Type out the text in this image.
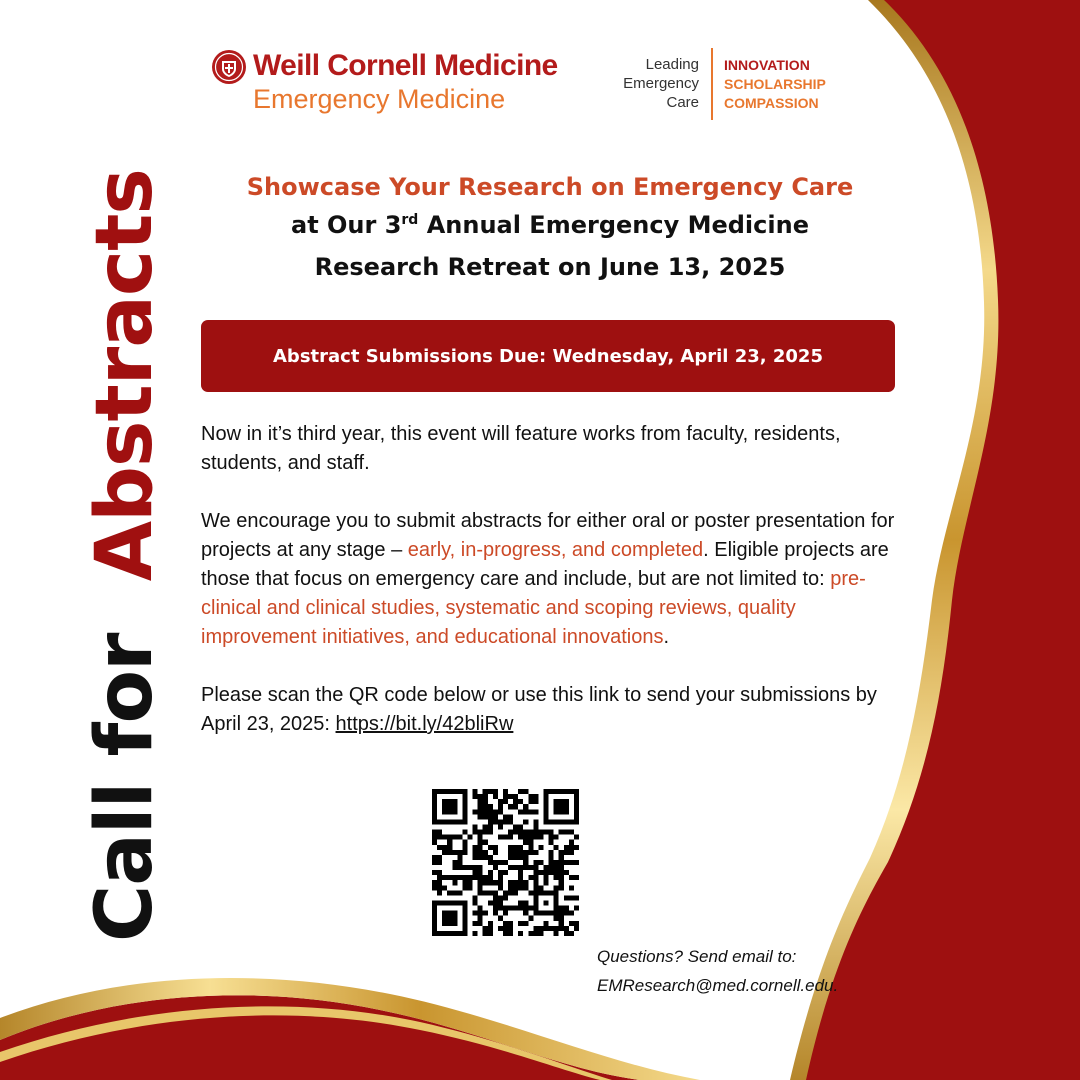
Weill Cornell Medicine
Emergency Medicine
Leading
Emergency
Care
INNOVATION
SCHOLARSHIP
COMPASSION
Call for  Abstracts	Showcase Your Research on Emergency Care
at Our 3rd Annual Emergency Medicine
Research Retreat on June 13, 2025
Abstract Submissions Due: Wednesday, April 23, 2025

Now in it’s third year, this event will feature works from faculty, residents, students, and staff.

We encourage you to submit abstracts for either oral or poster presentation for projects at any stage – early, in-progress, and completed. Eligible projects are those that focus on emergency care and include, but are not limited to: pre-clinical and clinical studies, systematic and scoping reviews, quality improvement initiatives, and educational innovations.

Please scan the QR code below or use this link to send your submissions by April 23, 2025: https://bit.ly/42bliRw

Questions? Send email to:
EMResearch@med.cornell.edu.
